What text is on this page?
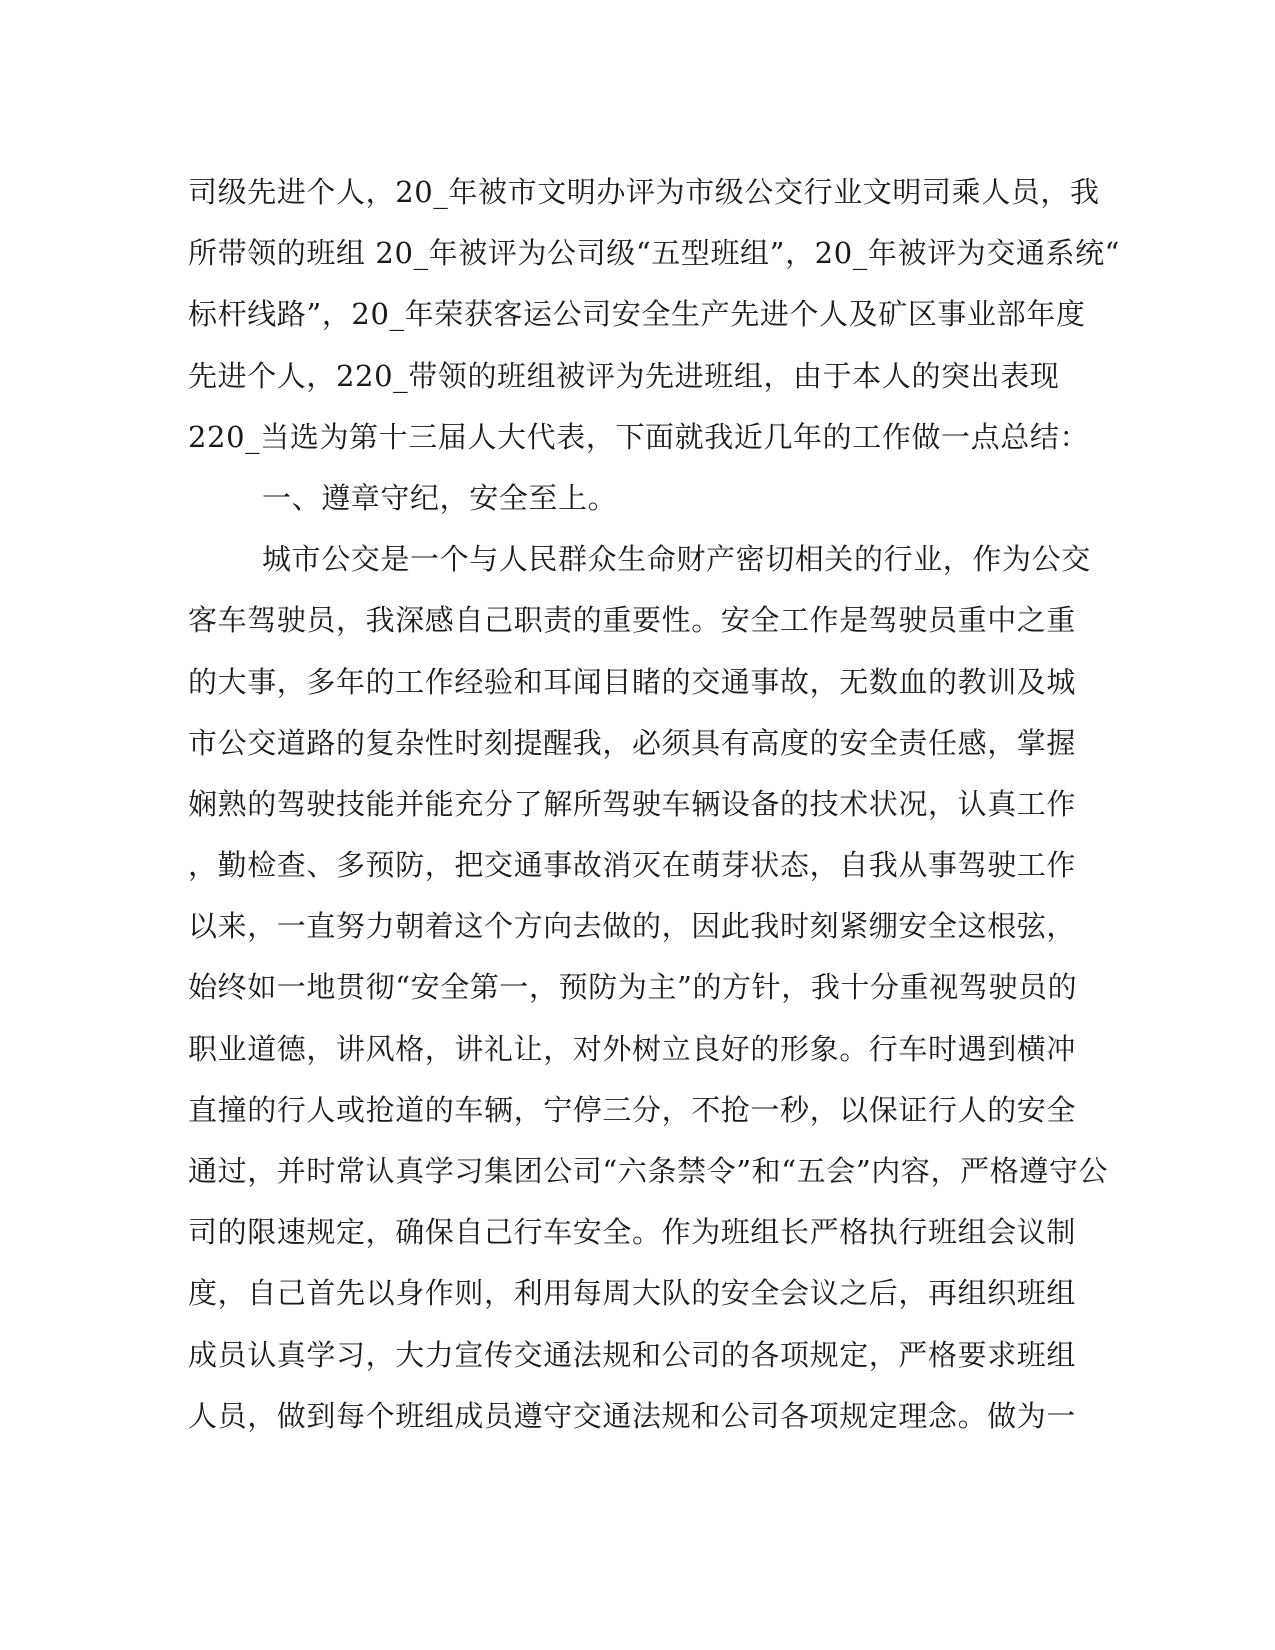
司级先进个人，20_年被市文明办评为市级公交行业文明司乘人员，我
所带领的班组 20_年被评为公司级“五型班组”，20_年被评为交通系统“
标杆线路”，20_年荣获客运公司安全生产先进个人及矿区事业部年度
先进个人，220_带领的班组被评为先进班组，由于本人的突出表现
220_当选为第十三届人大代表，下面就我近几年的工作做一点总结：
一、遵章守纪，安全至上。
城市公交是一个与人民群众生命财产密切相关的行业，作为公交
客车驾驶员，我深感自己职责的重要性。安全工作是驾驶员重中之重
的大事，多年的工作经验和耳闻目睹的交通事故，无数血的教训及城
市公交道路的复杂性时刻提醒我，必须具有高度的安全责任感，掌握
娴熟的驾驶技能并能充分了解所驾驶车辆设备的技术状况，认真工作
，勤检查、多预防，把交通事故消灭在萌芽状态，自我从事驾驶工作
以来，一直努力朝着这个方向去做的，因此我时刻紧绷安全这根弦，
始终如一地贯彻“安全第一，预防为主”的方针，我十分重视驾驶员的
职业道德，讲风格，讲礼让，对外树立良好的形象。行车时遇到横冲
直撞的行人或抢道的车辆，宁停三分，不抢一秒，以保证行人的安全
通过，并时常认真学习集团公司“六条禁令”和“五会”内容，严格遵守公
司的限速规定，确保自己行车安全。作为班组长严格执行班组会议制
度，自己首先以身作则，利用每周大队的安全会议之后，再组织班组
成员认真学习，大力宣传交通法规和公司的各项规定，严格要求班组
人员，做到每个班组成员遵守交通法规和公司各项规定理念。做为一
